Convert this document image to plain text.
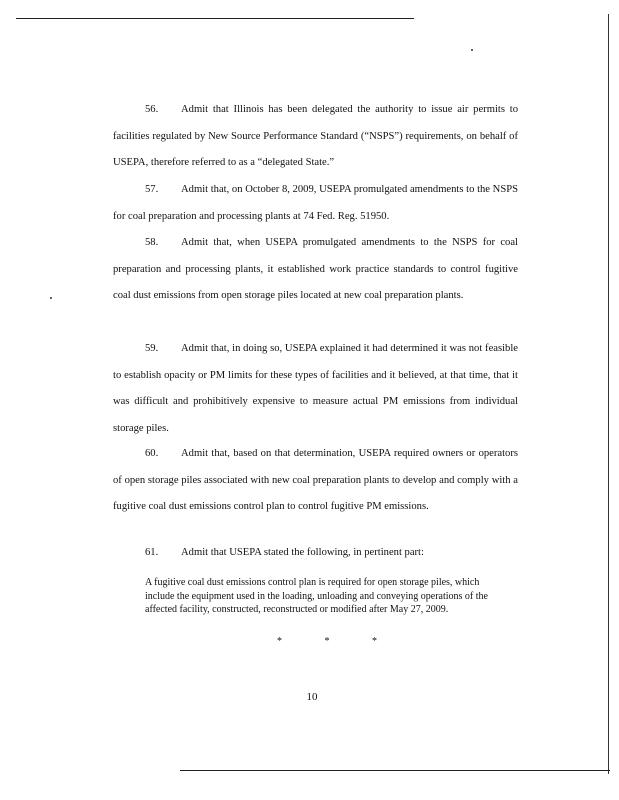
56. Admit that Illinois has been delegated the authority to issue air permits to facilities regulated by New Source Performance Standard (“NSPS”) requirements, on behalf of USEPA, therefore referred to as a “delegated State.”

57. Admit that, on October 8, 2009, USEPA promulgated amendments to the NSPS for coal preparation and processing plants at 74 Fed. Reg. 51950.

58. Admit that, when USEPA promulgated amendments to the NSPS for coal preparation and processing plants, it established work practice standards to control fugitive coal dust emissions from open storage piles located at new coal preparation plants.

59. Admit that, in doing so, USEPA explained it had determined it was not feasible to establish opacity or PM limits for these types of facilities and it believed, at that time, that it was difficult and prohibitively expensive to measure actual PM emissions from individual storage piles.

60. Admit that, based on that determination, USEPA required owners or operators of open storage piles associated with new coal preparation plants to develop and comply with a fugitive coal dust emissions control plan to control fugitive PM emissions.

61. Admit that USEPA stated the following, in pertinent part:

A fugitive coal dust emissions control plan is required for open storage piles, which include the equipment used in the loading, unloading and conveying operations of the affected facility, constructed, reconstructed or modified after May 27, 2009.

* * *
10
